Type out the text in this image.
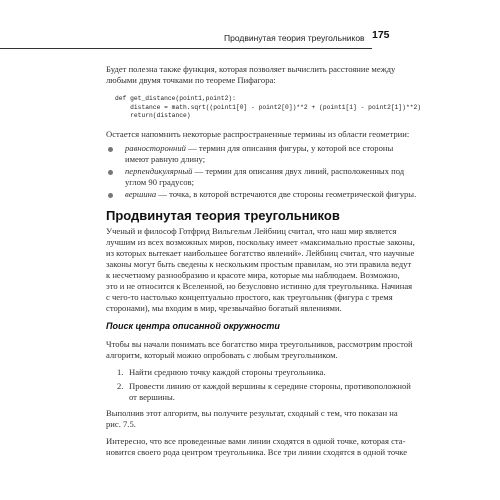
Продвинутая теория треугольников 175
Будет полезна также функция, которая позволяет вычислить расстояние между
любыми двумя точками по теореме Пифагора:
def get_distance(point1,point2):
distance = math.sqrt((point1[0] - point2[0])**2 + (point1[1] - point2[1])**2)
return(distance)
Остается напомнить некоторые распространенные термины из области геометрии:
равносторонний — термин для описания фигуры, у которой все стороны
имеют равную длину;
перпендикулярный — термин для описания двух линий, расположенных под
углом 90 градусов;
вершина — точка, в которой встречаются две стороны геометрической фигуры.
Продвинутая теория треугольников
Ученый и философ Готфрид Вильгельм Лейбниц считал, что наш мир является
лучшим из всех возможных миров, поскольку имеет «максимально простые законы,
из которых вытекает наибольшее богатство явлений». Лейбниц считал, что научные
законы могут быть сведены к нескольким простым правилам, но эти правила ведут
к несчетному разнообразию и красоте мира, которые мы наблюдаем. Возможно,
это и не относится к Вселенной, но безусловно истинно для треугольника. Начиная
с чего-то настолько концептуально простого, как треугольник (фигура с тремя
сторонами), мы входим в мир, чрезвычайно богатый явлениями.
Поиск центра описанной окружности
Чтобы вы начали понимать все богатство мира треугольников, рассмотрим простой
алгоритм, который можно опробовать с любым треугольником.
1. Найти среднюю точку каждой стороны треугольника.
2. Провести линию от каждой вершины к середине стороны, противоположной
от вершины.
Выполнив этот алгоритм, вы получите результат, сходный с тем, что показан на
рис. 7.5.
Интересно, что все проведенные вами линии сходятся в одной точке, которая ста-
новится своего рода центром треугольника. Все три линии сходятся в одной точке
